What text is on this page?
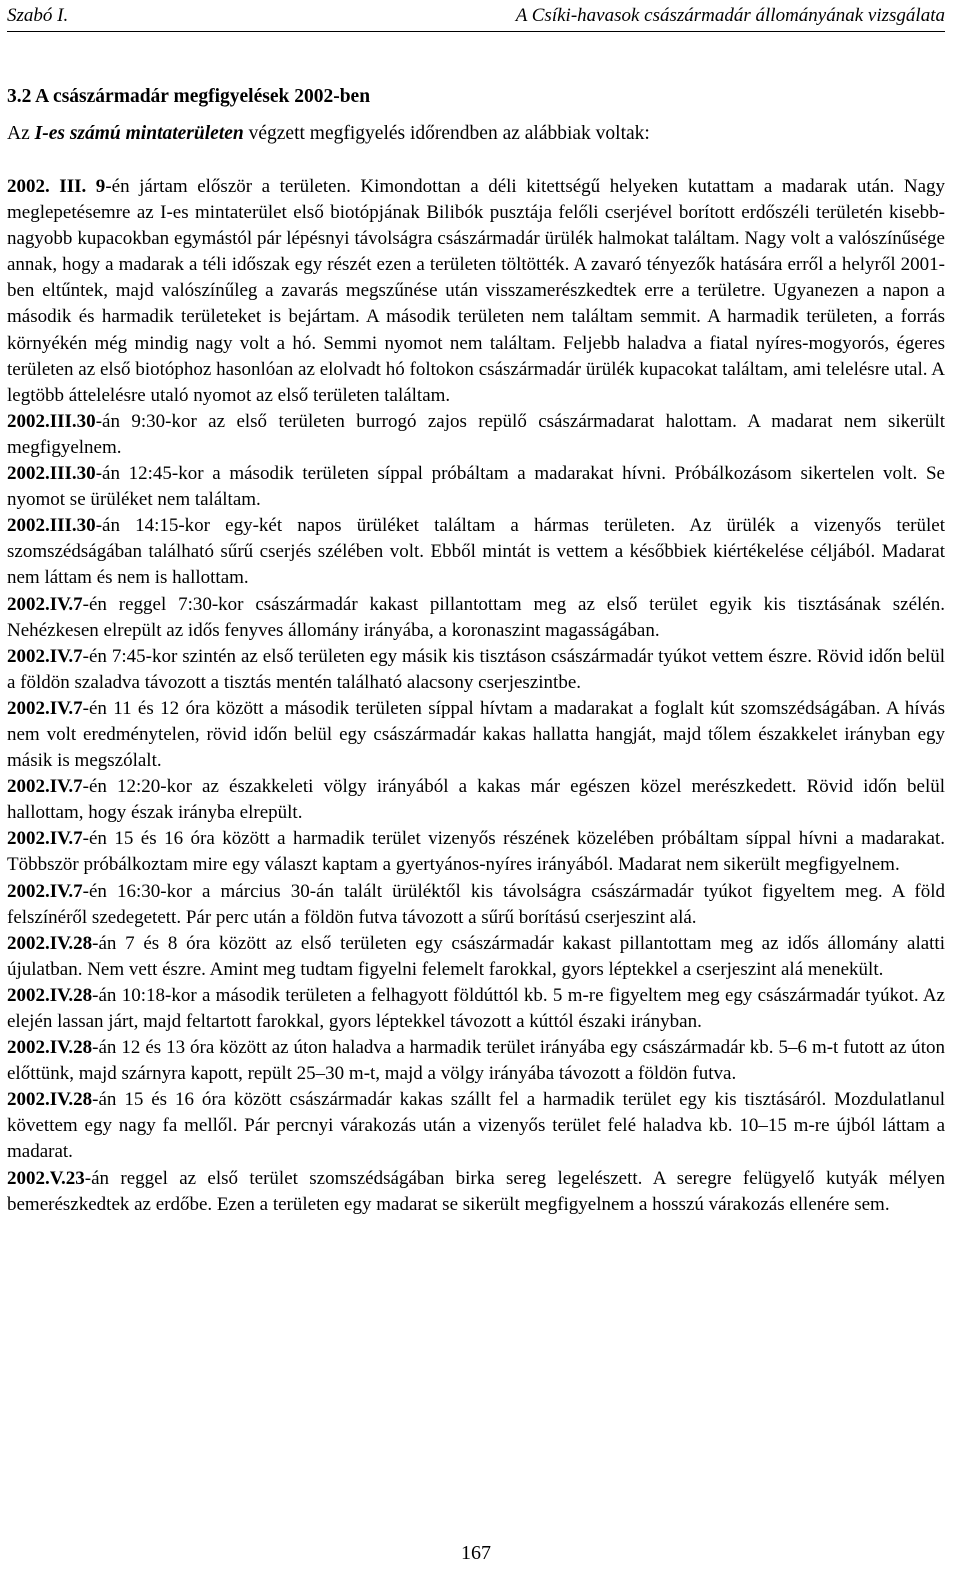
Szabó I.	A Csíki-havasok császármadár állományának vizsgálata
3.2 A császármadár megfigyelések 2002-ben
Az I-es számú mintaterületen végzett megfigyelés időrendben az alábbiak voltak:

2002. III. 9-én jártam először a területen. Kimondottan a déli kitettségű helyeken kutattam a madarak után. Nagy meglepetésemre az I-es mintaterület első biotópjának Bilibók pusztája felőli cserjével borított erdőszéli területén kisebb-nagyobb kupacokban egymástól pár lépésnyi távolságra császármadár ürülék halmokat találtam. Nagy volt a valószínűsége annak, hogy a madarak a téli időszak egy részét ezen a területen töltötték. A zavaró tényezők hatására erről a helyről 2001-ben eltűntek, majd valószínűleg a zavarás megszűnése után visszamerészkedtek erre a területre. Ugyanezen a napon a második és harmadik területeket is bejártam. A második területen nem találtam semmit. A harmadik területen, a forrás környékén még mindig nagy volt a hó. Semmi nyomot nem találtam. Feljebb haladva a fiatal nyíres-mogyorós, égeres területen az első biotóphoz hasonlóan az elolvadt hó foltokon császármadár ürülék kupacokat találtam, ami telelésre utal. A legtöbb áttelelésre utaló nyomot az első területen találtam.

2002.III.30-án 9:30-kor az első területen burrogó zajos repülő császármadarat halottam. A madarat nem sikerült megfigyelnem.

2002.III.30-án 12:45-kor a második területen síppal próbáltam a madarakat hívni. Próbálkozásom sikertelen volt. Se nyomot se ürüléket nem találtam.

2002.III.30-án 14:15-kor egy-két napos ürüléket találtam a hármas területen. Az ürülék a vizenyős terület szomszédságában található sűrű cserjés szélében volt. Ebből mintát is vettem a későbbiek kiértékelése céljából. Madarat nem láttam és nem is hallottam.

2002.IV.7-én reggel 7:30-kor császármadár kakast pillantottam meg az első terület egyik kis tisztásának szélén. Nehézkesen elrepült az idős fenyves állomány irányába, a koronaszint magasságában.

2002.IV.7-én 7:45-kor szintén az első területen egy másik kis tisztáson császármadár tyúkot vettem észre. Rövid időn belül a földön szaladva távozott a tisztás mentén található alacsony cserjeszintbe.

2002.IV.7-én 11 és 12 óra között a második területen síppal hívtam a madarakat a foglalt kút szomszédságában. A hívás nem volt eredménytelen, rövid időn belül egy császármadár kakas hallatta hangját, majd tőlem északkelet irányban egy másik is megszólalt.

2002.IV.7-én 12:20-kor az északkeleti völgy irányából a kakas már egészen közel merészkedett. Rövid időn belül hallottam, hogy észak irányba elrepült.

2002.IV.7-én 15 és 16 óra között a harmadik terület vizenyős részének közelében próbáltam síppal hívni a madarakat. Többször próbálkoztam mire egy választ kaptam a gyertyános-nyíres irányából. Madarat nem sikerült megfigyelnem.

2002.IV.7-én 16:30-kor a március 30-án talált ürüléktől kis távolságra császármadár tyúkot figyeltem meg. A föld felszínéről szedegetett. Pár perc után a földön futva távozott a sűrű borítású cserjeszint alá.

2002.IV.28-án 7 és 8 óra között az első területen egy császármadár kakast pillantottam meg az idős állomány alatti újulatban. Nem vett észre. Amint meg tudtam figyelni felemelt farokkal, gyors léptekkel a cserjeszint alá menekült.

2002.IV.28-án 10:18-kor a második területen a felhagyott földúttól kb. 5 m-re figyeltem meg egy császármadár tyúkot. Az elején lassan járt, majd feltartott farokkal, gyors léptekkel távozott a kúttól északi irányban.

2002.IV.28-án 12 és 13 óra között az úton haladva a harmadik terület irányába egy császármadár kb. 5–6 m-t futott az úton előttünk, majd szárnyra kapott, repült 25–30 m-t, majd a völgy irányába távozott a földön futva.

2002.IV.28-án 15 és 16 óra között császármadár kakas szállt fel a harmadik terület egy kis tisztásáról. Mozdulatlanul követtem egy nagy fa mellől. Pár percnyi várakozás után a vizenyős terület felé haladva kb. 10–15 m-re újból láttam a madarat.

2002.V.23-án reggel az első terület szomszédságában birka sereg legelészett. A seregre felügyelő kutyák mélyen bemerészkedtek az erdőbe. Ezen a területen egy madarat se sikerült megfigyelnem a hosszú várakozás ellenére sem.

167
